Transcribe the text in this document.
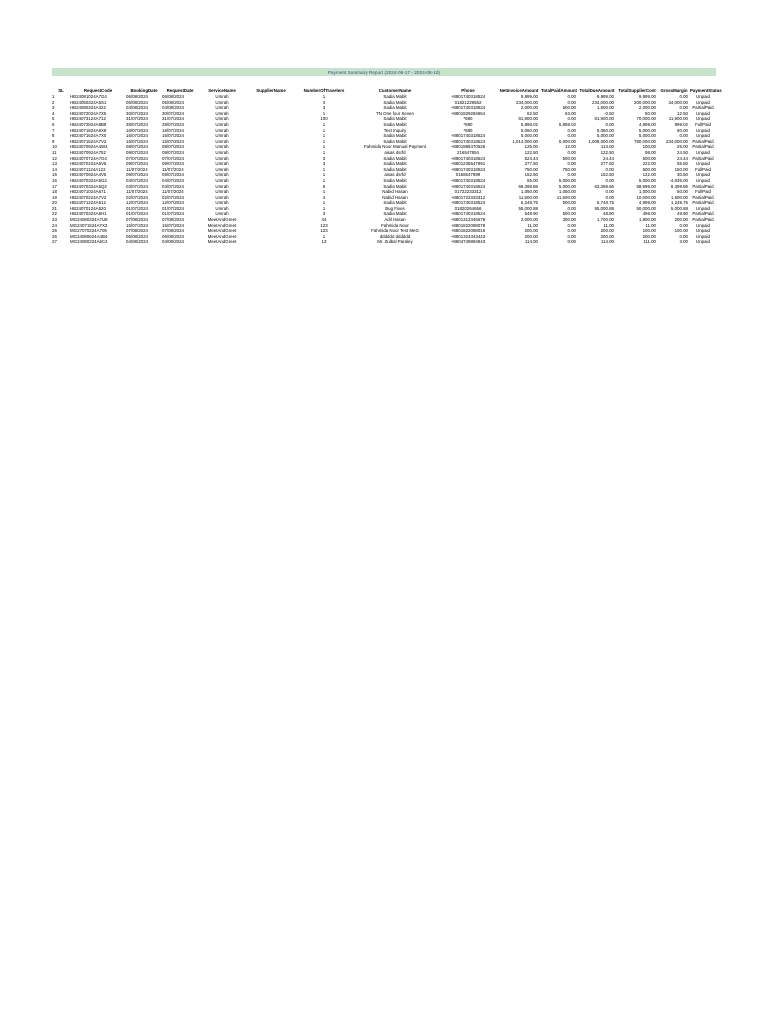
Payment Summary Report (2024-06-17 - 2024-08-10)
SL	RequestCode	BookingDate	RequestDate	ServiceName	SupplierName	NumberOfTravelers	CustomerName	Phone	NetInvoiceAmount	TotalPaidAmount	TotalDueAmount	TotalSupplierCost	GrossMargin	PaymentStatus
1	HB24081024A7G4	06/08/2024	06/08/2024	Umrah		1	Sadia Mabit	+8801740318524	9,999.00	0.00	9,999.00	9,999.00	0.00	Unpaid
2	HB24050324A5S1	05/08/2024	05/08/2024	Umrah		4	Sadia Mabit	01821229552	234,000.00	0.00	234,000.00	200,000.00	34,000.00	Unpaid
3	HB24080324A322	04/08/2024	04/08/2024	Umrah		3	Sadia Mabit	+8801740318524	2,000.00	500.00	1,500.00	2,000.00	0.00	PartialPaid
4	HB24072024A7X5	30/07/2024	30/07/2024	Umrah		1	TN One four Seven	+8801829284654	62.50	63.00	-0.50	50.00	12.50	Unpaid
5	HB24073124A712	31/07/2024	31/07/2024	Umrah		100	Sadia Mabit	*880	81,900.00	0.00	81,900.00	70,000.00	11,900.00	Unpaid
6	HB24072824A8B9	28/07/2024	28/07/2024	Umrah		1	Sadia Mabit	*880	5,898.02	5,898.02	0.00	4,999.00	899.02	FullPaid
7	HB24071824A6X8	18/07/2024	18/07/2024	Umrah		1	Test Inquiry	*880	5,060.00	0.00	5,060.00	5,000.00	60.00	Unpaid
8	HB24071624A7X0	16/07/2024	16/07/2024	Umrah		1	Sadia Mabit	+8801740318524	5,000.00	0.00	5,000.00	5,000.00	0.00	Unpaid
9	HB24071524A7V2	15/07/2024	15/07/2024	Umrah		1	Sadia Mabit	+8801740318524	1,014,000.00	5,000.00	1,009,000.00	780,000.00	234,000.00	PartialPaid
10	HB24070924A4W4	08/07/2024	08/07/2024	Umrah		1	Fahmida Noor Manual Payment	+8801985470526	125.00	12.00	113.00	100.00	25.00	PartialPaid
11	HB24070924A752	09/07/2024	09/07/2024	Umrah		1	aisas dsrfd	216547854	122.50	0.00	122.50	98.00	24.50	Unpaid
12	HB24070724A7G4	07/07/2024	07/07/2024	Umrah		3	Sadia Mabit	+8801740318524	524.44	500.00	24.44	500.00	24.44	PartialPaid
13	HB24070224A6V6	09/07/2024	09/07/2024	Umrah		3	Sadia Mabit	+8801236547891	277.50	0.00	277.50	222.00	55.50	Unpaid
14	HB24071124A122	11/07/2024	11/07/2024	Umrah		1	Sadia Mabit	+8801740318524	750.00	750.00	0.00	600.00	150.00	FullPaid
15	HB24070924A4V5	09/07/2024	09/07/2024	Umrah		1	aisas dsrfd	0156547899	152.50	0.00	152.50	122.00	30.50	Unpaid
16	HB24070324A5G2	04/07/2024	04/07/2024	Umrah		1	Sadia Mabit	+8801740318524	65.00	5,000.00	0.00	5,000.00	-4,935.00	Unpaid
17	HB24070324A5Q2	03/07/2024	03/07/2024	Umrah		5	Sadia Mabit	+8801740318524	68,398.86	5,000.00	63,398.86	59,999.00	8,399.86	PartialPaid
18	HB24071024A671	11/07/2024	11/07/2024	Umrah		1	Nabid Hasan	01722233312	1,050.00	1,050.00	0.00	1,000.00	50.00	FullPaid
19	HB24070224A7V2	02/07/2024	02/07/2024	Umrah		4	Nabid Hasan	+8801722333312	11,500.00	11,500.00	0.00	10,000.00	1,500.00	PartialPaid
20	HB24071224A512	12/07/2024	12/07/2024	Umrah		1	Sadia Mabit	+8801740318524	6,248.75	500.00	5,748.75	4,999.00	1,249.75	PartialPaid
21	HB24070124A520	01/07/2024	01/07/2024	Umrah		1	Bug Fixes	01820264656	55,000.88	0.00	55,000.88	50,000.00	5,000.88	Unpaid
22	HB24070324A5H1	01/07/2024	01/07/2024	Umrah		3	Sadia Mabit	+8801740318524	548.90	500.00	48.90	499.00	49.90	PartialPaid
23	MG24080324A7U8	07/08/2024	07/08/2024	MeetAndGreet		44	Adil Hasan	+8801312345678	2,000.00	300.00	1,700.00	1,800.00	200.00	PartialPaid
24	MG24071524A7X3	15/07/2024	15/07/2024	MeetAndGreet		123	Fahmida Noor	+8801822088078	11.00	0.00	11.00	11.00	0.00	Unpaid
25	MG27070224A709	07/08/2024	07/08/2024	MeetAndGreet		123	Fahmida Noor Test MeG	+8801822088016	200.00	0.00	200.00	100.00	100.00	Unpaid
26	MG24080624A4B4	06/08/2024	06/08/2024	MeetAndGreet		1	dddddd dddddd	+8801324343443	200.00	0.00	200.00	200.00	0.00	Unpaid
27	MG24080224A6C4	04/08/2024	04/08/2024	MeetAndGreet		13	Mr. Zulbal Paraley	+8804749894843	114.00	0.00	114.00	111.00	3.00	Unpaid
